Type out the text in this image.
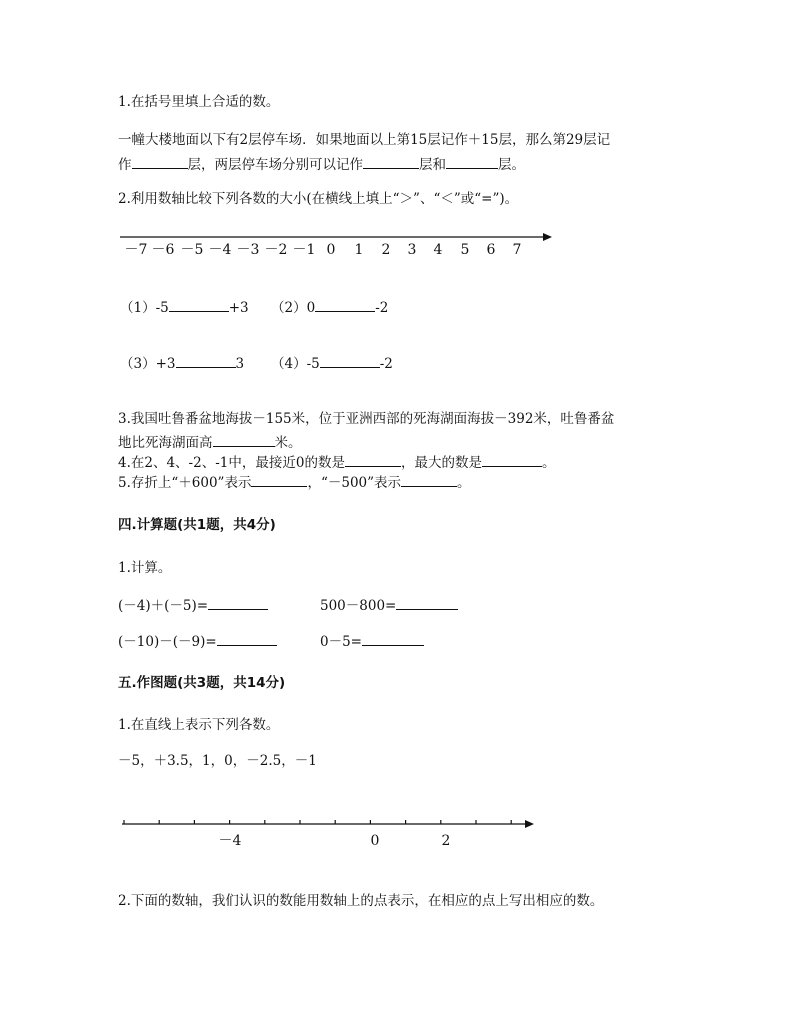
1.在括号里填上合适的数。
一幢大楼地面以下有2层停车场．如果地面以上第15层记作＋15层，那么第29层记
作	层，两层停车场分别可以记作	层和	层。
2.利用数轴比较下列各数的大小(在横线上填上“＞”、“＜”或“=”)。
－7 －6 －5 －4 －3 －2 －1 0 1 2 3 4 5 6 7
（1）-5	+3 （2）0	-2
（3）+3	3 （4）-5	-2
3.我国吐鲁番盆地海拔－155米，位于亚洲西部的死海湖面海拔－392米，吐鲁番盆
地比死海湖面高	米。
4.在2、4、-2、-1中，最接近0的数是	，最大的数是	。
5.存折上“＋600”表示	，“－500”表示	。
四.计算题(共1题，共4分)
1.计算。
(－4)＋(－5)=	500－800=
(－10)－(－9)=	0－5=
五.作图题(共3题，共14分)
1.在直线上表示下列各数。
－5，＋3.5，1，0，－2.5，－1
－4	0	2
2.下面的数轴，我们认识的数能用数轴上的点表示，在相应的点上写出相应的数。
